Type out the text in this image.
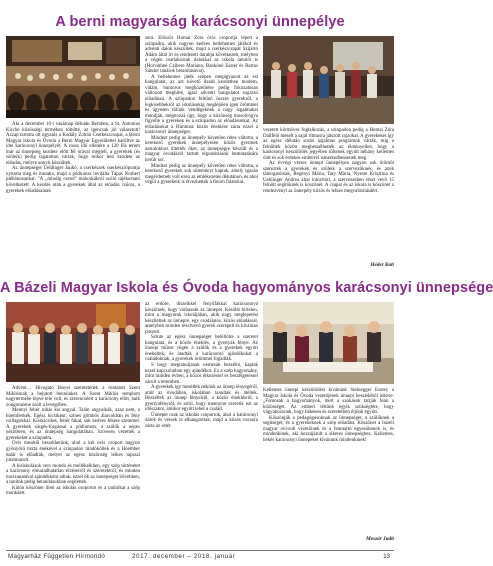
A berni magyarság karácsonyi ünnepélye

Aki a december 10-i vasárnap délután Bernben, a St. Antonius Kirche közösségi termében töltötte, az igencsak jól választott! Azzap tartotta ott ugyanis a Kodály Zoltán Cserkészcsapat, a Berni Magyar Iskola és Óvoda a Berni Magyar Egyesülettel karöltve az idei karácsonyi ünnepélyét. A rossz idő ellenére a 120 fős terem már az ünnepség kezdete előtt fél órával megtelt, a gyerekek (és szüleik) pedig izgatottan vártak, hogy mikor lesz kezdete az előadás, melyre annyit készültek.

Az ünnepséget Uehlinger Jankó, a cserkészek cserkészrőpontja nyitotta meg és mutatta, majd a pódiumra invitálta Tápas Norbert plébánosunkat. "A „mindig csend" mabcskákról szóló tájékoztató következett. A kezdés után a gyerekek által az előadás csúcsa, a gyerekek előadásainak

sora. Először Homai Zóra óvis csoportja lépett a színpadra, akik nagyon kedves betlehemes játékot és adventi dalok készültek, majd a cserkészcsapat Szijártó Ádám által írt és rendezett darabja következett, melyben a végén csatlakoztak dalukkal az iskola tanulói is (Horváthné Czibere Mariann, Bankóné Eszter és Bartus Sándor tanárok betanításával).

A betlehemes játék szépen megágyazott az est hangulatát, az azt követő darab kezdetben modern, vidám, humoros megközelítése pedig fokozatosan változott meghitté, igazi adventi hangulatot sugárzó előadássá. A színpadon feltűnő összes gyerekről, a legkisebbekről az iskolásokig meglepően igen örömmel és ügyesen tőlünk vendégeknek a nagy izgalmakat mondják, méghozzá úgy, hogy a közönség mosolyogva figyelte a gyerekek és a színpadon az előadásunkat. Az előadásokat a Himnusz közös éneklése zárta ezzel a karácsonyi ünnepséget.

Mindezt pedig az ünnepély követően rétes váltotta, a kerekező gyerekek ünnepélyesen közös gyermek asztalokhoz ültették őket, az ünnepségre készült és a magyar óvodákról tartott elgondolások bemutatására került sor.

Mindezt pedig az ünnepély követően rétes váltotta, a kerekező gyerekek sok süteményt kaptak, amely igazán megérdemelt volt ezen az emlékezetes délutánon, és ahol végül a gyerekeik is élvezhették a finom falatokat.

vezetett körmöves foglalkozás, a színpadon pedig a Homai Zóra Dallfeló mesélt a saját ritmusra játszott rajzokat. A gyerekeket így az egész délután során izgalmas programok várták, míg a felnőttek között megbeszélhették az élményeiket, hogy a karácsonyi készülődés jegyében töltenek együtt néhány kellemes órát és sok érdekes emberrel ismerkedhessenek meg.

Az évvégi verses ünnepi ünnepélyen nagyon sok örömöt szereztek a gyerekek és szüleik a szervezőknek, és azok támogatóinak, Regényi Mária, Tary Mária, Nyeste Krisztina és Uehlinger Andrea által irányított, a szervezésben részt vevő 15 felnőtt segítőknek is köszönet. A csapat és az iskola is köszönet a rendezvényt az ünnepély közös és lelkes megvalósításáért.

Héder Kati
A Bázeli Magyar Iskola és Óvoda hagyományos karácsonyi ünnepsége

Advent… Hivogató fényei szeretetének a rontatott Szent Miklósnak a bejutott bennünket. A Szent Miklós templom nagytermébe lépve tele volt, és szerencséért a karácsony előtt, halk zongorazene szólt a levegőben.

Mennyi fehér ruhás kis angyal. Talán angyalkák, azaz nem, a hóemberkék. Egész kicsiként, színes gömbös álarcokban és fény csillagokkal. Kisskicsiket, fehér fákat, sok kedves fekete szemmel. A gyerekek sürgés-forgással a pódiumon, a szülők a népes nézőtéren, és az ünnepség hangulatában. Szívesen vezették a gyerekeket a színpadra.

Ovis mesétől beszélhetünk, ahol a két ovis csoport nagyon gyönyörű tiszta énekével a színpadon tündököltek és a Hóember dalát is előadták, melyet az egész közönség lelkes tapssal jutalmazott.

A kisiskolások vers mondó és mellékeikben, egy szép történetet a karácsony elmaradhatatlan érzéseiről és szeretetéről, és minden mozzanatával ajándékként adtak, ezzel ők az ünnepséget bővebben, a tanítók pedig betanításukban segítettek.

Külön köszönet illeti az iskolás csoportot és a tanítókat a szép munkáért.

az erdőre, díszeikkel fenyőfákkal karácsonnyá készülnek, hogy várhassák az ünnepet. Később hirtelen, mint a magyarok iskolájában, akik nagy meglepetést készítettek az ünnepre, egy csodálatos, közös előadással, amelyben minden résztvevő gyerek szerepelt és kiválóan játszott.

Szinte az egész ünnepséget betöltötte a szeretet hangulata, és a közös éneklés, a gyertyák fénye. Az ünnepi műsor végén a szülők és a gyerekek együtt énekeltek, és átadták a karácsonyi ajándékokat a családoknak, a gyerekek örömmel fogadták.

S hogy megtanuljanak nemesak beszélni, kaptak ezzel kapcsolatban egy ajándékot. Ez a szép hagyomány, mint minden évben, a közös étkezéssel és beszélgetéssel zárult a teremben.

A gyerekek így meséltek nekünk az ünnep lényegéről, amit az óvodában, iskolában tanultak és átéltek. Beszéltek az ünnep fényeiről, a közös éneklésről, a gyertyafényről, és arról, hogy mennyire szeretik ezt az időszakot, amikor együtt lehet a család.

Ünnepet csak az iskolás csoportok, ahol a karácsonyi dalok és versek is elhangzottak, majd a közös vacsora zárta az estét.

Kellemes ünnepi készülődést kívánunk Steinegger Eszter, a Magyar Iskola és Óvoda vezetőjének ünnepi beszédéből idézve: „Fontosak a hagyományok, mert a szokások tartják fenn a közösséget. Az emberi léttünk egyik szükséglete, hogy vágyakozzunk, hogy békésen és szeretetben éljünk együtt.

Köszönjük a pedagógusoknak az ünnepséget, a szülőknek a segítséget, és a gyerekeknek a szép előadást. Köszönet a bázeli magyar ovi-suli vezetőinek és a fenntartó egyesületnek is, és mindenkinek, aki hozzájárult a sikeres ünnepséghez. Kellemes, békés karácsonyi ünnepeket kívánunk mindenkinek!

Meszár Judit
Magyarház Független Hírmondó	2017. december – 2018. január	13
